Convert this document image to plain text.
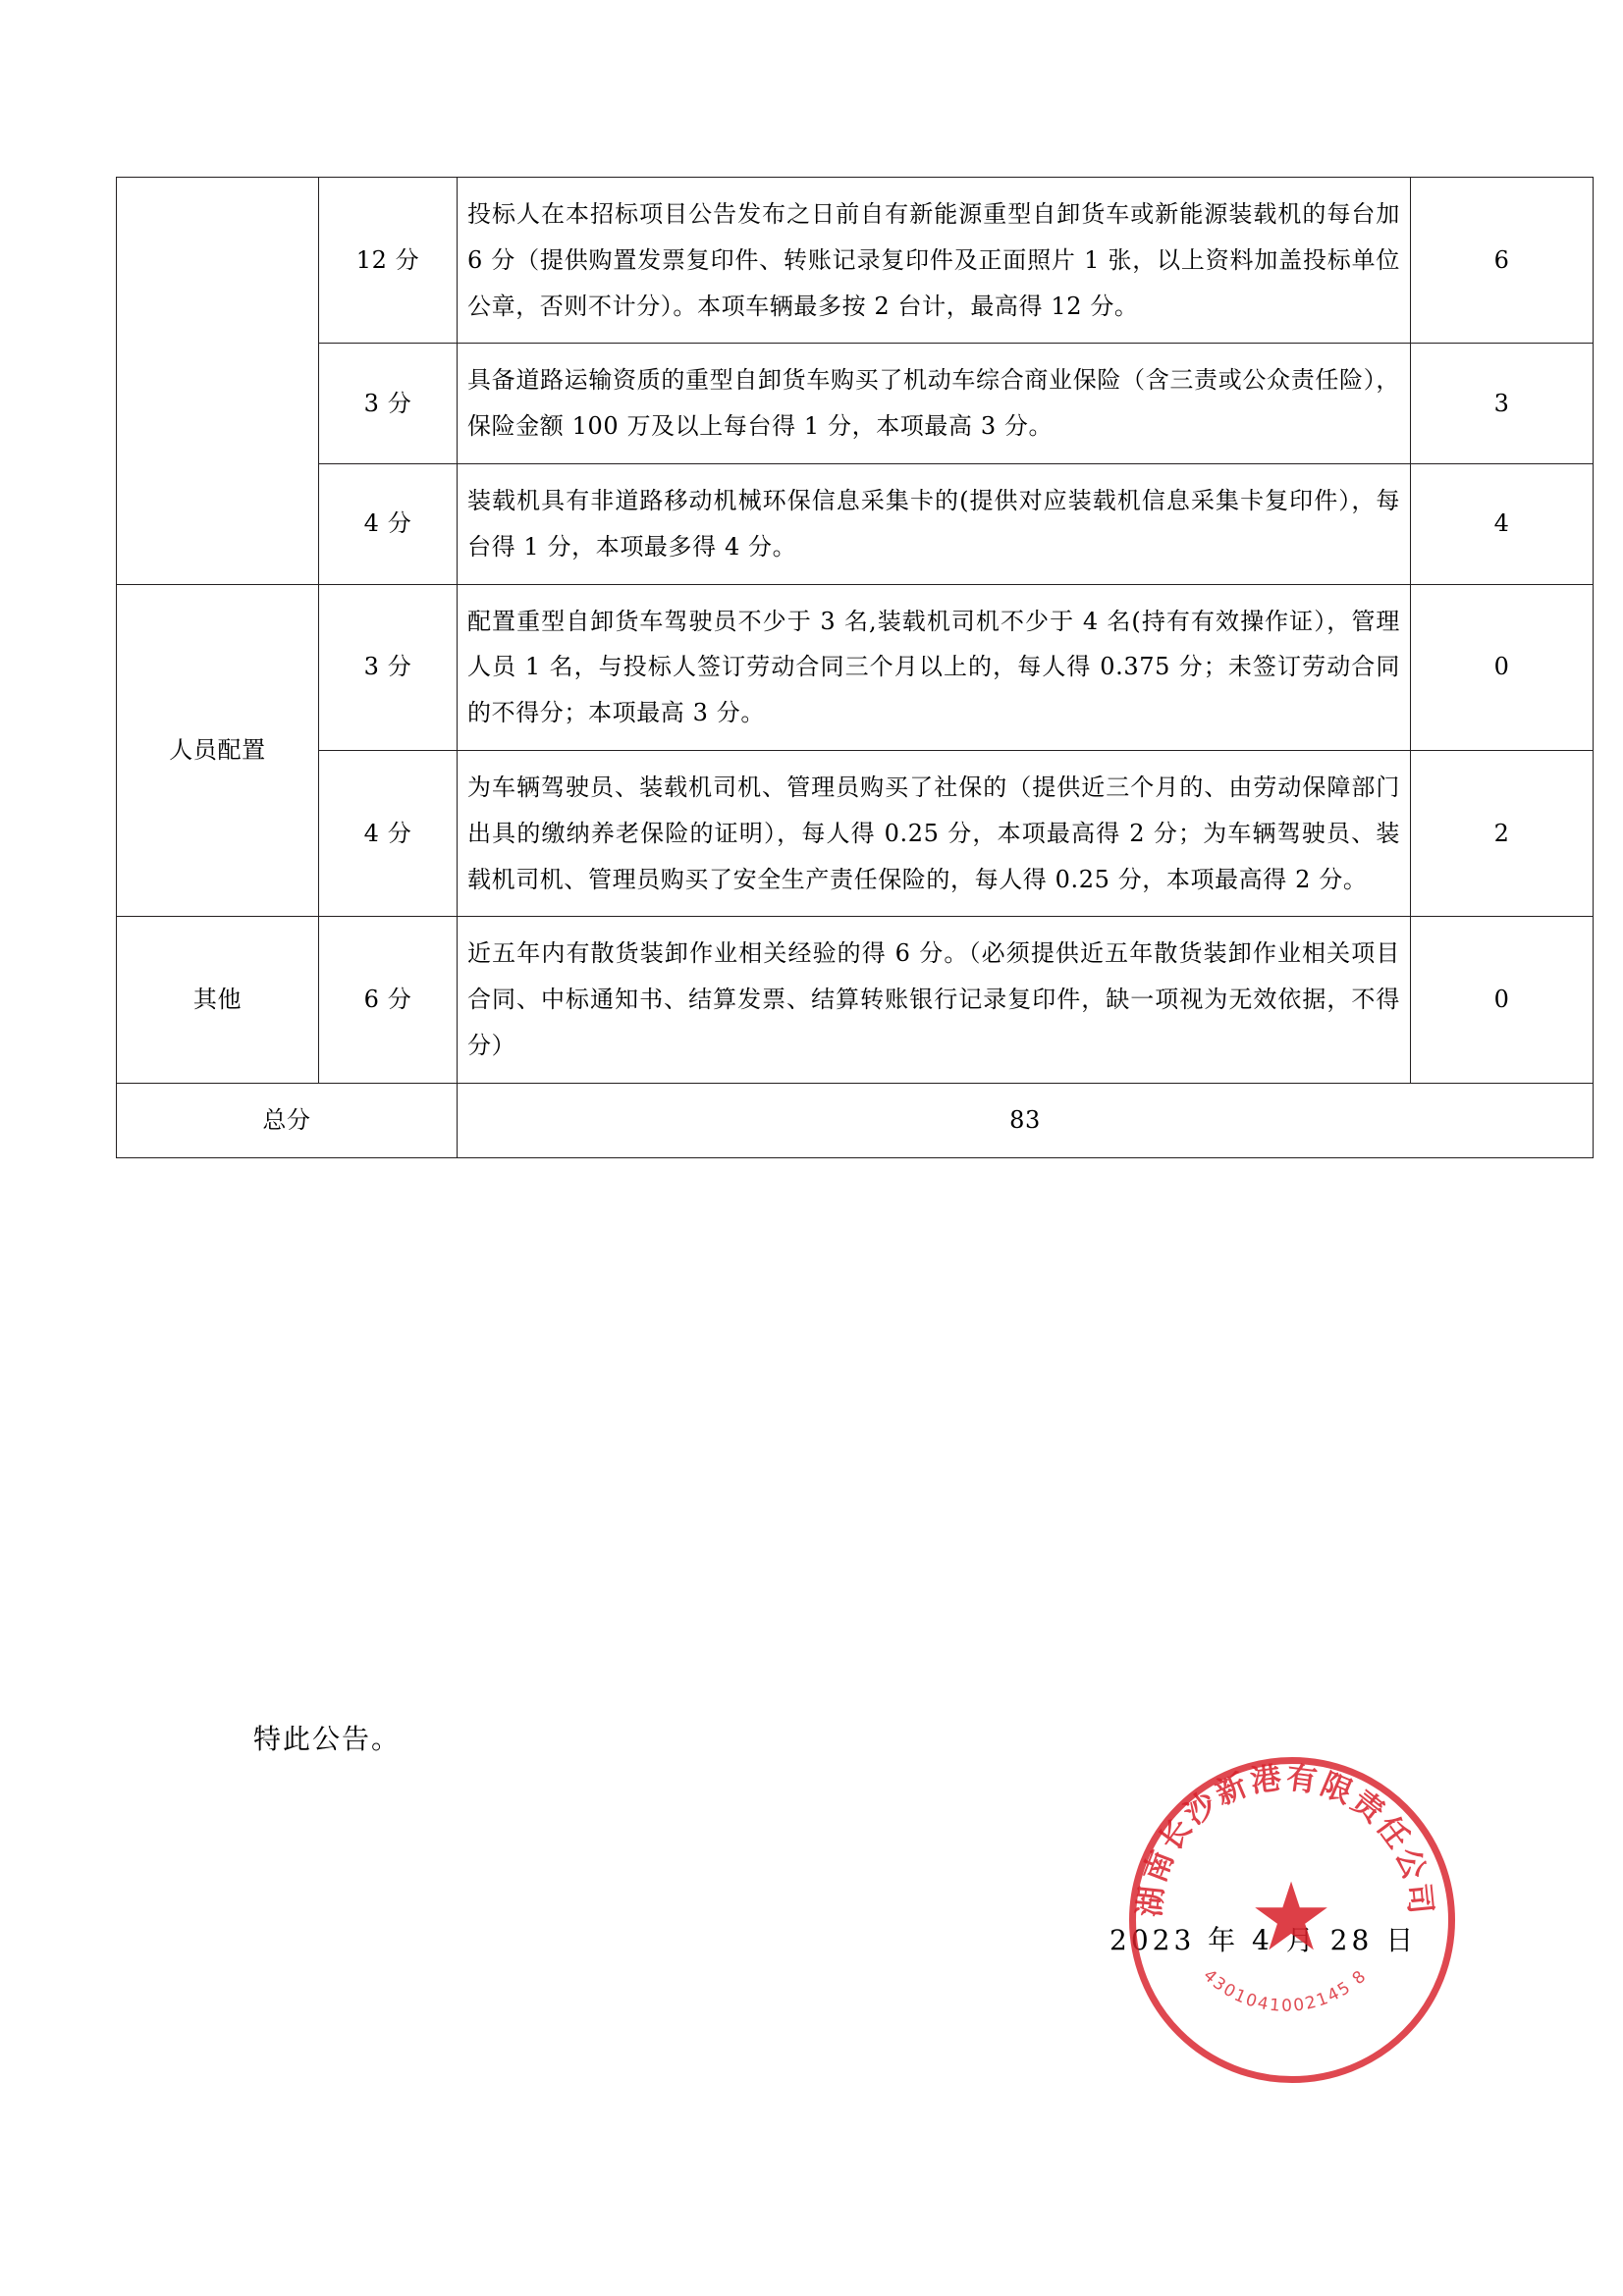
	12 分	投标人在本招标项目公告发布之日前自有新能源重型自卸货车或新能源装载机的每台加 6 分（提供购置发票复印件、转账记录复印件及正面照片 1 张，以上资料加盖投标单位公章，否则不计分）。本项车辆最多按 2 台计，最高得 12 分。	6
	3 分	具备道路运输资质的重型自卸货车购买了机动车综合商业保险（含三责或公众责任险），保险金额 100 万及以上每台得 1 分，本项最高 3 分。	3
	4 分	装载机具有非道路移动机械环保信息采集卡的(提供对应装载机信息采集卡复印件），每台得 1 分，本项最多得 4 分。	4
人员配置	3 分	配置重型自卸货车驾驶员不少于 3 名,装载机司机不少于 4 名(持有有效操作证），管理人员 1 名，与投标人签订劳动合同三个月以上的，每人得 0.375 分；未签订劳动合同的不得分；本项最高 3 分。	0
	4 分	为车辆驾驶员、装载机司机、管理员购买了社保的（提供近三个月的、由劳动保障部门出具的缴纳养老保险的证明），每人得 0.25 分，本项最高得 2 分；为车辆驾驶员、装载机司机、管理员购买了安全生产责任保险的，每人得 0.25 分，本项最高得 2 分。	2
其他	6 分	近五年内有散货装卸作业相关经验的得 6 分。（必须提供近五年散货装卸作业相关项目合同、中标通知书、结算发票、结算转账银行记录复印件，缺一项视为无效依据，不得分）	0
总分		83	
特此公告。
2023 年 4 月 28 日
湖南长沙新港有限责任公司
4301041002145 8
★
